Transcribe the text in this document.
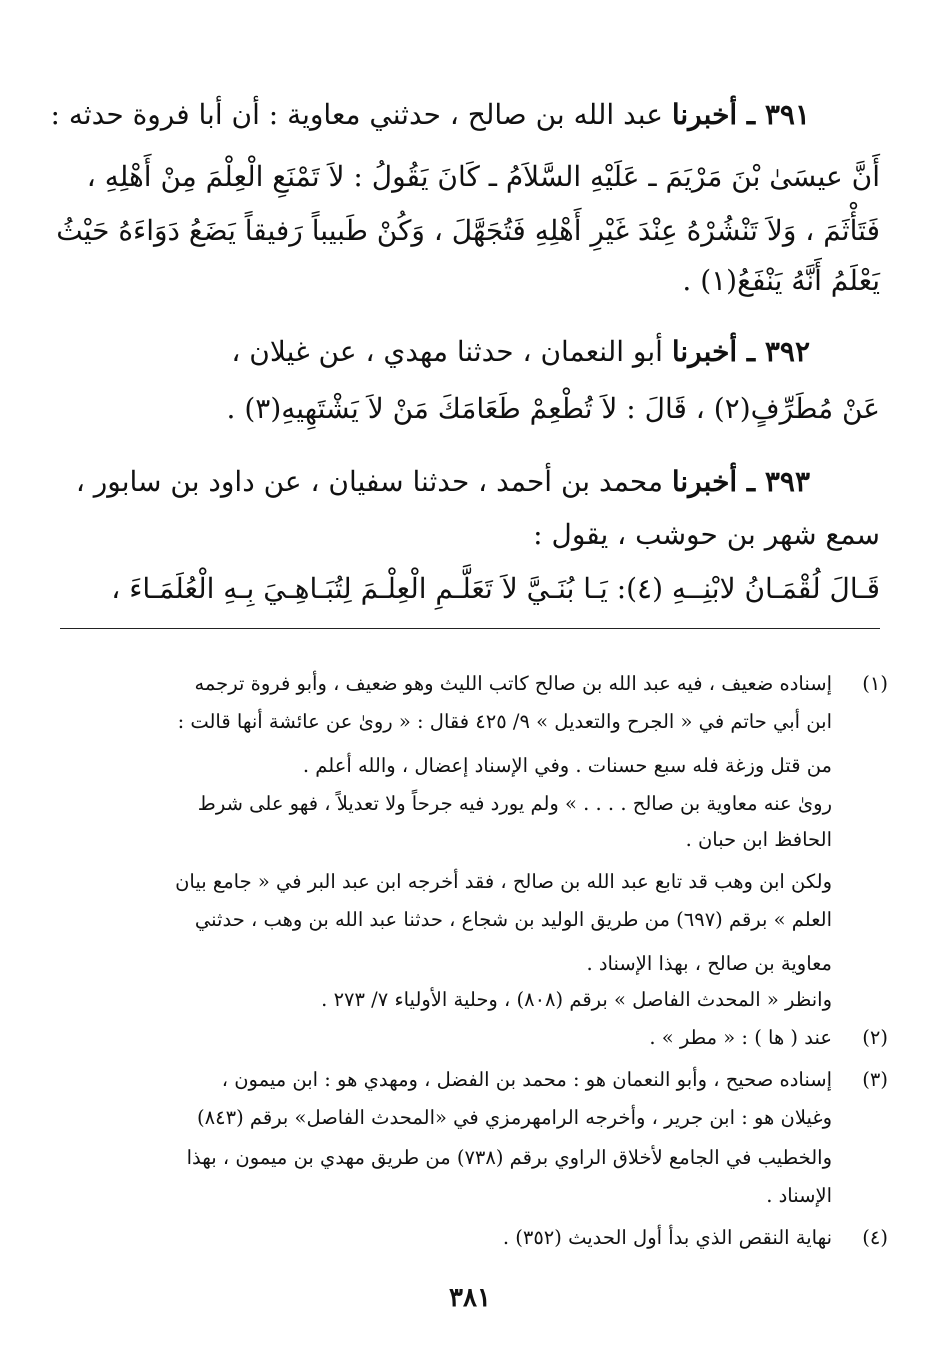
٣٩١ ـ أخبرنا عبد الله بن صالح ، حدثني معاوية : أن أبا فروة حدثه :
أَنَّ عيسَىٰ بْنَ مَرْيَمَ ـ عَلَيْهِ السَّلاَمُ ـ كَانَ يَقُولُ : لاَ تَمْنَعِ الْعِلْمَ مِنْ أَهْلِهِ ،
فَتَأْثَمَ ، وَلاَ تَنْشُرْهُ عِنْدَ غَيْرِ أَهْلِهِ فَتُجَهَّلَ ، وَكُنْ طَبيباً رَفيقاً يَضَعُ دَوَاءَهُ حَيْثُ
يَعْلَمُ أَنَّهُ يَنْفَعُ(١) .
٣٩٢ ـ أخبرنا أبو النعمان ، حدثنا مهدي ، عن غيلان ،
عَنْ مُطَرِّفٍ(٢) ، قَالَ : لاَ تُطْعِمْ طَعَامَكَ مَنْ لاَ يَشْتَهِيهِ(٣) .
٣٩٣ ـ أخبرنا محمد بن أحمد ، حدثنا سفيان ، عن داود بن سابور ،
سمع شهر بن حوشب ، يقول :
قَـالَ لُقْمَـانُ لابْنِــهِ (٤): يَـا بُنَـيَّ لاَ تَعَلَّـمِ الْعِلْـمَ لِتُبَـاهِـيَ بِـهِ الْعُلَمَـاءَ ،
(١)
إسناده ضعيف ، فيه عبد الله بن صالح كاتب الليث وهو ضعيف ، وأبو فروة ترجمه
ابن أبي حاتم في « الجرح والتعديل » ٩/ ٤٢٥ فقال : « روىٰ عن عائشة أنها قالت :
من قتل وزغة فله سبع حسنات . وفي الإسناد إعضال ، والله أعلم .
روىٰ عنه معاوية بن صالح . . . . » ولم يورد فيه جرحاً ولا تعديلاً ، فهو على شرط
الحافظ ابن حبان .
ولكن ابن وهب قد تابع عبد الله بن صالح ، فقد أخرجه ابن عبد البر في « جامع بيان
العلم » برقم (٦٩٧) من طريق الوليد بن شجاع ، حدثنا عبد الله بن وهب ، حدثني
معاوية بن صالح ، بهذا الإسناد .
وانظر « المحدث الفاصل » برقم (٨٠٨) ، وحلية الأولياء ٧/ ٢٧٣ .
(٢)
عند ( ها ) : « مطر » .
(٣)
إسناده صحيح ، وأبو النعمان هو : محمد بن الفضل ، ومهدي هو : ابن ميمون ،
وغيلان هو : ابن جرير ، وأخرجه الرامهرمزي في «المحدث الفاصل» برقم (٨٤٣)
والخطيب في الجامع لأخلاق الراوي برقم (٧٣٨) من طريق مهدي بن ميمون ، بهذا
الإسناد .
(٤)
نهاية النقص الذي بدأ أول الحديث (٣٥٢) .
٣٨١
